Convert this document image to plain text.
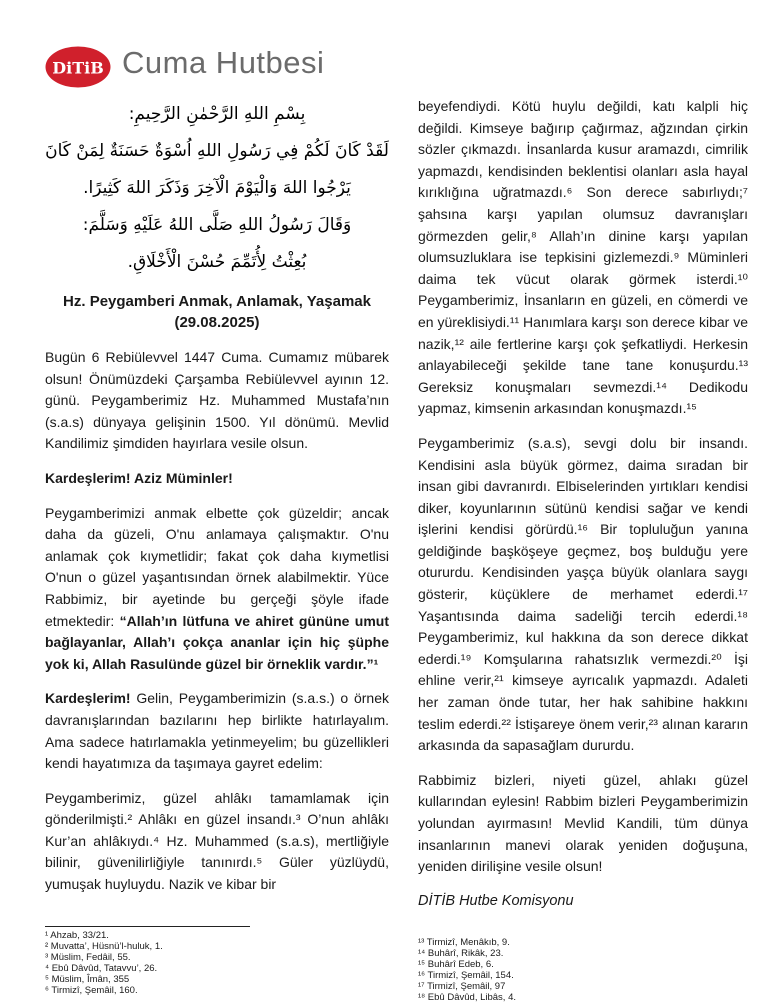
DiTiB Cuma Hutbesi
بِسْمِ اللهِ الرَّحْمٰنِ الرَّحِيمِ:
لَقَدْ كَانَ لَكُمْ فِي رَسُولِ اللهِ اُسْوَةٌ حَسَنَةٌ لِمَنْ كَانَ
يَرْجُوا اللهَ وَالْيَوْمَ الْآخِرَ وَذَكَرَ اللهَ كَثِيرًا.
وَقَالَ رَسُولُ اللهِ صَلَّى اللهُ عَلَيْهِ وَسَلَّمَ:
بُعِثْتُ لِأُتَمِّمَ حُسْنَ الْأَخْلَاقِ.
Hz. Peygamberi Anmak, Anlamak, Yaşamak
(29.08.2025)

Bugün 6 Rebiülevvel 1447 Cuma. Cumamız mübarek olsun! Önümüzdeki Çarşamba Rebiülevvel ayının 12. günü. Peygamberimiz Hz. Muhammed Mustafa’nın (s.a.s) dünyaya gelişinin 1500. Yıl dönümü. Mevlid Kandilimiz şimdiden hayırlara vesile olsun.

Kardeşlerim! Aziz Müminler!

Peygamberimizi anmak elbette çok güzeldir; ancak daha da güzeli, O'nu anlamaya çalışmaktır. O'nu anlamak çok kıymetlidir; fakat çok daha kıymetlisi O'nun o güzel yaşantısından örnek alabilmektir. Yüce Rabbimiz, bir ayetinde bu gerçeği şöyle ifade etmektedir: “Allah’ın lütfuna ve ahiret gününe umut bağlayanlar, Allah’ı çokça ananlar için hiç şüphe yok ki, Allah Rasulünde güzel bir örneklik vardır.”¹

Kardeşlerim! Gelin, Peygamberimizin (s.a.s.) o örnek davranışlarından bazılarını hep birlikte hatırlayalım. Ama sadece hatırlamakla yetinmeyelim; bu güzellikleri kendi hayatımıza da taşımaya gayret edelim:

Peygamberimiz, güzel ahlâkı tamamlamak için gönderilmişti.² Ahlâkı en güzel insandı.³ O’nun ahlâkı Kur’an ahlâkıydı.⁴ Hz. Muhammed (s.a.s), mertliğiyle bilinir, güvenilirliğiyle tanınırdı.⁵ Güler yüzlüydü, yumuşak huyluydu. Nazik ve kibar bir

beyefendiydi. Kötü huylu değildi, katı kalpli hiç değildi. Kimseye bağırıp çağırmaz, ağzından çirkin sözler çıkmazdı. İnsanlarda kusur aramazdı, cimrilik yapmazdı, kendisinden beklentisi olanları asla hayal kırıklığına uğratmazdı.⁶ Son derece sabırlıydı;⁷ şahsına karşı yapılan olumsuz davranışları görmezden gelir,⁸ Allah’ın dinine karşı yapılan olumsuzluklara ise tepkisini gizlemezdi.⁹ Müminleri daima tek vücut olarak görmek isterdi.¹⁰ Peygamberimiz, İnsanların en güzeli, en cömerdi ve en yüreklisiydi.¹¹ Hanımlara karşı son derece kibar ve nazik,¹² aile fertlerine karşı çok şefkatliydi. Herkesin anlayabileceği şekilde tane tane konuşurdu.¹³ Gereksiz konuşmaları sevmezdi.¹⁴ Dedikodu yapmaz, kimsenin arkasından konuşmazdı.¹⁵

Peygamberimiz (s.a.s), sevgi dolu bir insandı. Kendisini asla büyük görmez, daima sıradan bir insan gibi davranırdı. Elbiselerinden yırtıkları kendisi diker, koyunlarının sütünü kendisi sağar ve kendi işlerini kendisi görürdü.¹⁶ Bir topluluğun yanına geldiğinde başköşeye geçmez, boş bulduğu yere otururdu. Kendisinden yaşça büyük olanlara saygı gösterir, küçüklere de merhamet ederdi.¹⁷ Yaşantısında daima sadeliği tercih ederdi.¹⁸ Peygamberimiz, kul hakkına da son derece dikkat ederdi.¹⁹ Komşularına rahatsızlık vermezdi.²⁰ İşi ehline verir,²¹ kimseye ayrıcalık yapmazdı. Adaleti her zaman önde tutar, her hak sahibine hakkını teslim ederdi.²² İstişareye önem verir,²³ alınan kararın arkasında da sapasağlam dururdu.

Rabbimiz bizleri, niyeti güzel, ahlakı güzel kullarından eylesin! Rabbim bizleri Peygamberimizin yolundan ayırmasın! Mevlid Kandili, tüm dünya insanlarının manevi olarak yeniden doğuşuna, yeniden dirilişine vesile olsun!

DİTİB Hutbe Komisyonu

¹ Ahzab, 33/21.
² Muvatta’, Hüsnü’l-huluk, 1.
³ Müslim, Fedâil, 55.
⁴ Ebû Dâvûd, Tatavvu’, 26.
⁵ Müslim, Îmân, 355
⁶ Tirmizî, Şemâil, 160.
¹³ Tirmizî, Menâkıb, 9.
¹⁴ Buhârî, Rikâk, 23.
¹⁵ Buhârî Edeb, 6.
¹⁶ Tirmizî, Şemâil, 154.
¹⁷ Tirmizî, Şemâil, 97
¹⁸ Ebû Dâvûd, Libâs, 4.
